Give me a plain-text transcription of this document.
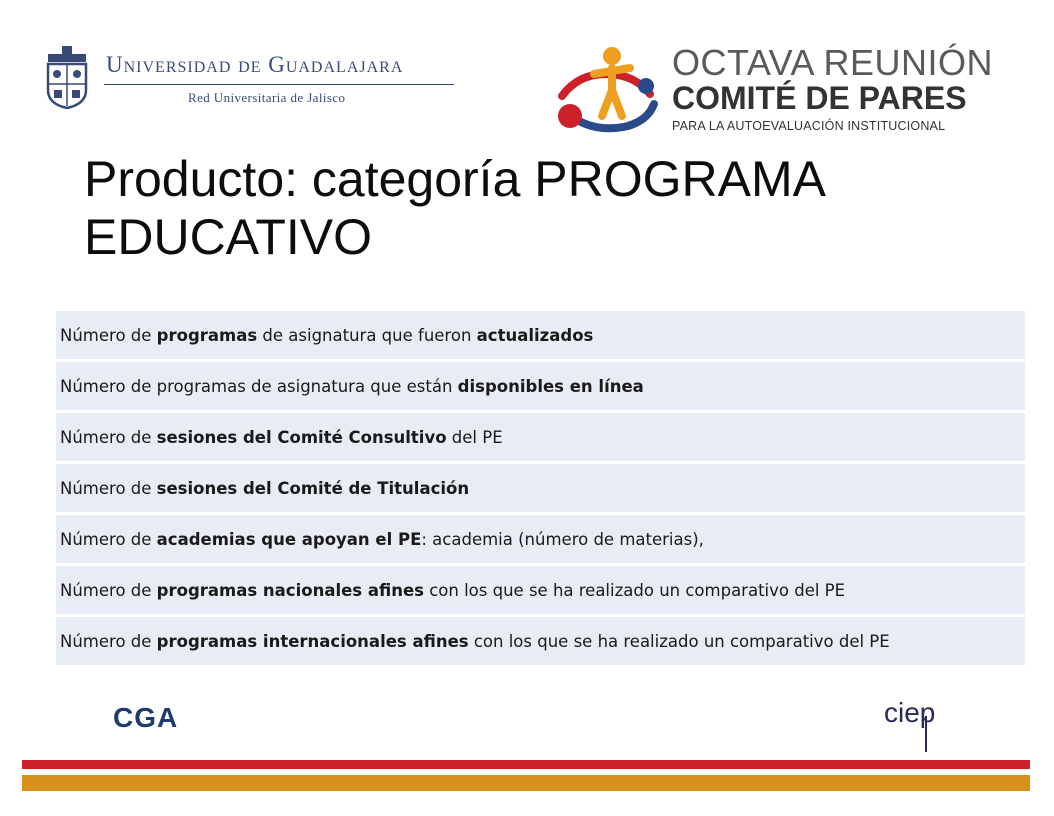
Universidad de Guadalajara
Red Universitaria de Jalisco
OCTAVA REUNIÓN
COMITÉ DE PARES
PARA LA AUTOEVALUACIÓN INSTITUCIONAL
Producto: categoría PROGRAMA EDUCATIVO
Número de programas de asignatura que fueron actualizados
Número de programas de asignatura que están disponibles en línea
Número de sesiones del Comité Consultivo del PE
Número de sesiones del Comité de Titulación
Número de academias que apoyan el PE: academia (número de materias),
Número de programas nacionales afines con los que se ha realizado un comparativo del PE
Número de programas internacionales afines con los que se ha realizado un comparativo del PE
CGA	ciep
